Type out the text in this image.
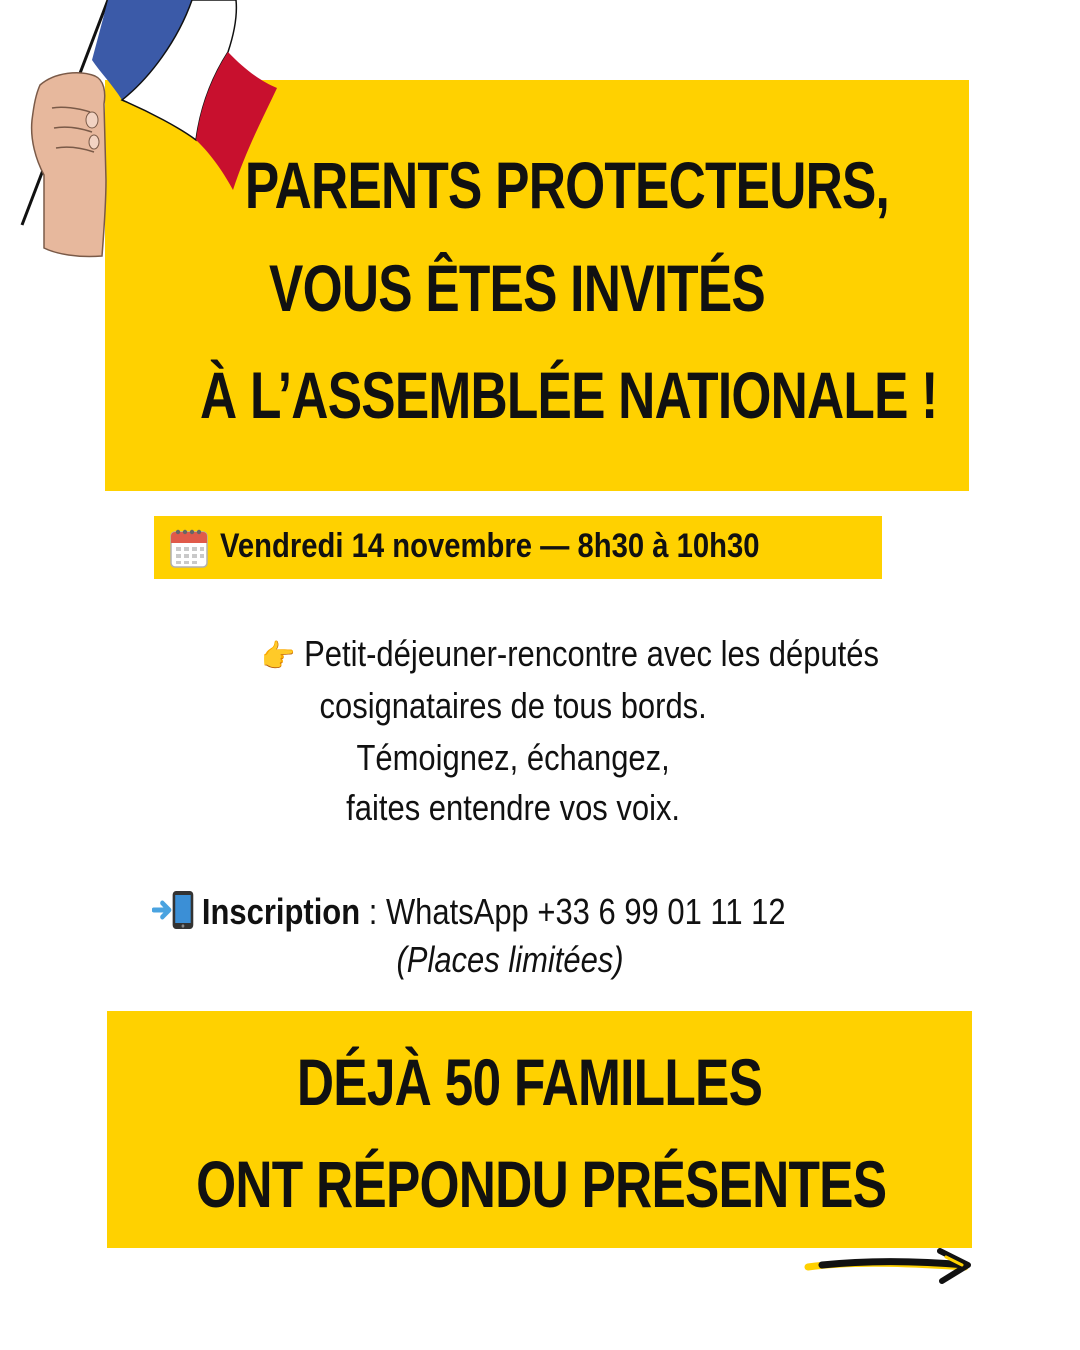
PARENTS PROTECTEURS,
VOUS ÊTES INVITÉS
À L’ASSEMBLÉE NATIONALE !
Vendredi 14 novembre — 8h30 à 10h30
👉 Petit-déjeuner-rencontre avec les députés
cosignataires de tous bords.
Témoignez, échangez,
faites entendre vos voix.
Inscription : WhatsApp +33 6 99 01 11 12
(Places limitées)
DÉJÀ 50 FAMILLES
ONT RÉPONDU PRÉSENTES
